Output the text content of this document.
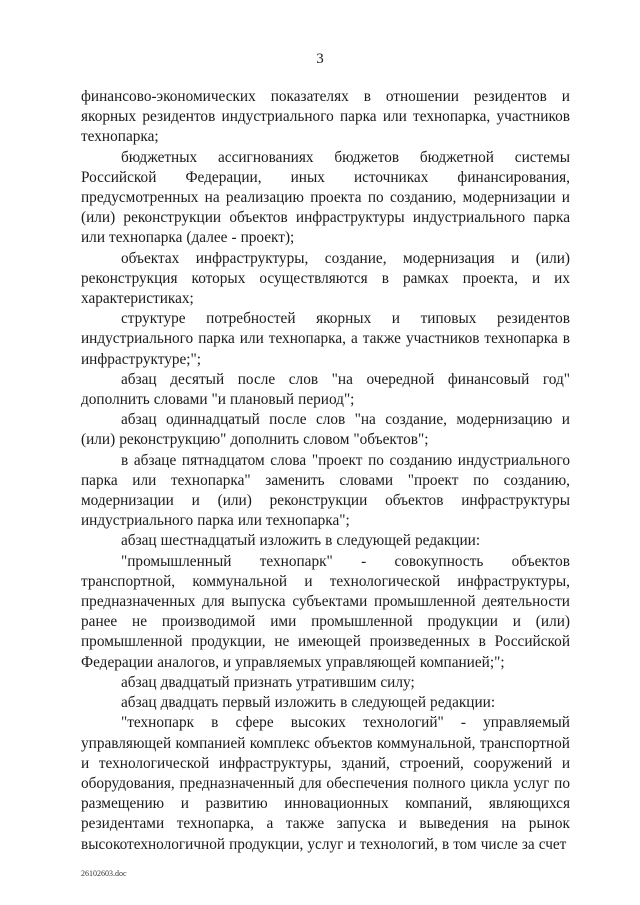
3

финансово-экономических показателях в отношении резидентов и якорных резидентов индустриального парка или технопарка, участников технопарка;

бюджетных ассигнованиях бюджетов бюджетной системы Российской Федерации, иных источниках финансирования, предусмотренных на реализацию проекта по созданию, модернизации и (или) реконструкции объектов инфраструктуры индустриального парка или технопарка (далее - проект);

объектах инфраструктуры, создание, модернизация и (или) реконструкция которых осуществляются в рамках проекта, и их характеристиках;

структуре потребностей якорных и типовых резидентов индустриального парка или технопарка, а также участников технопарка в инфраструктуре;";

абзац десятый после слов "на очередной финансовый год" дополнить словами "и плановый период";

абзац одиннадцатый после слов "на создание, модернизацию и (или) реконструкцию" дополнить словом "объектов";

в абзаце пятнадцатом слова "проект по созданию индустриального парка или технопарка" заменить словами "проект по созданию, модернизации и (или) реконструкции объектов инфраструктуры индустриального парка или технопарка";

абзац шестнадцатый изложить в следующей редакции:

"промышленный технопарк" - совокупность объектов транспортной, коммунальной и технологической инфраструктуры, предназначенных для выпуска субъектами промышленной деятельности ранее не производимой ими промышленной продукции и (или) промышленной продукции, не имеющей произведенных в Российской Федерации аналогов, и управляемых управляющей компанией;";

абзац двадцатый признать утратившим силу;

абзац двадцать первый изложить в следующей редакции:

"технопарк в сфере высоких технологий" - управляемый управляющей компанией комплекс объектов коммунальной, транспортной и технологической инфраструктуры, зданий, строений, сооружений и оборудования, предназначенный для обеспечения полного цикла услуг по размещению и развитию инновационных компаний, являющихся резидентами технопарка, а также запуска и выведения на рынок высокотехнологичной продукции, услуг и технологий, в том числе за счет

26102603.doc
